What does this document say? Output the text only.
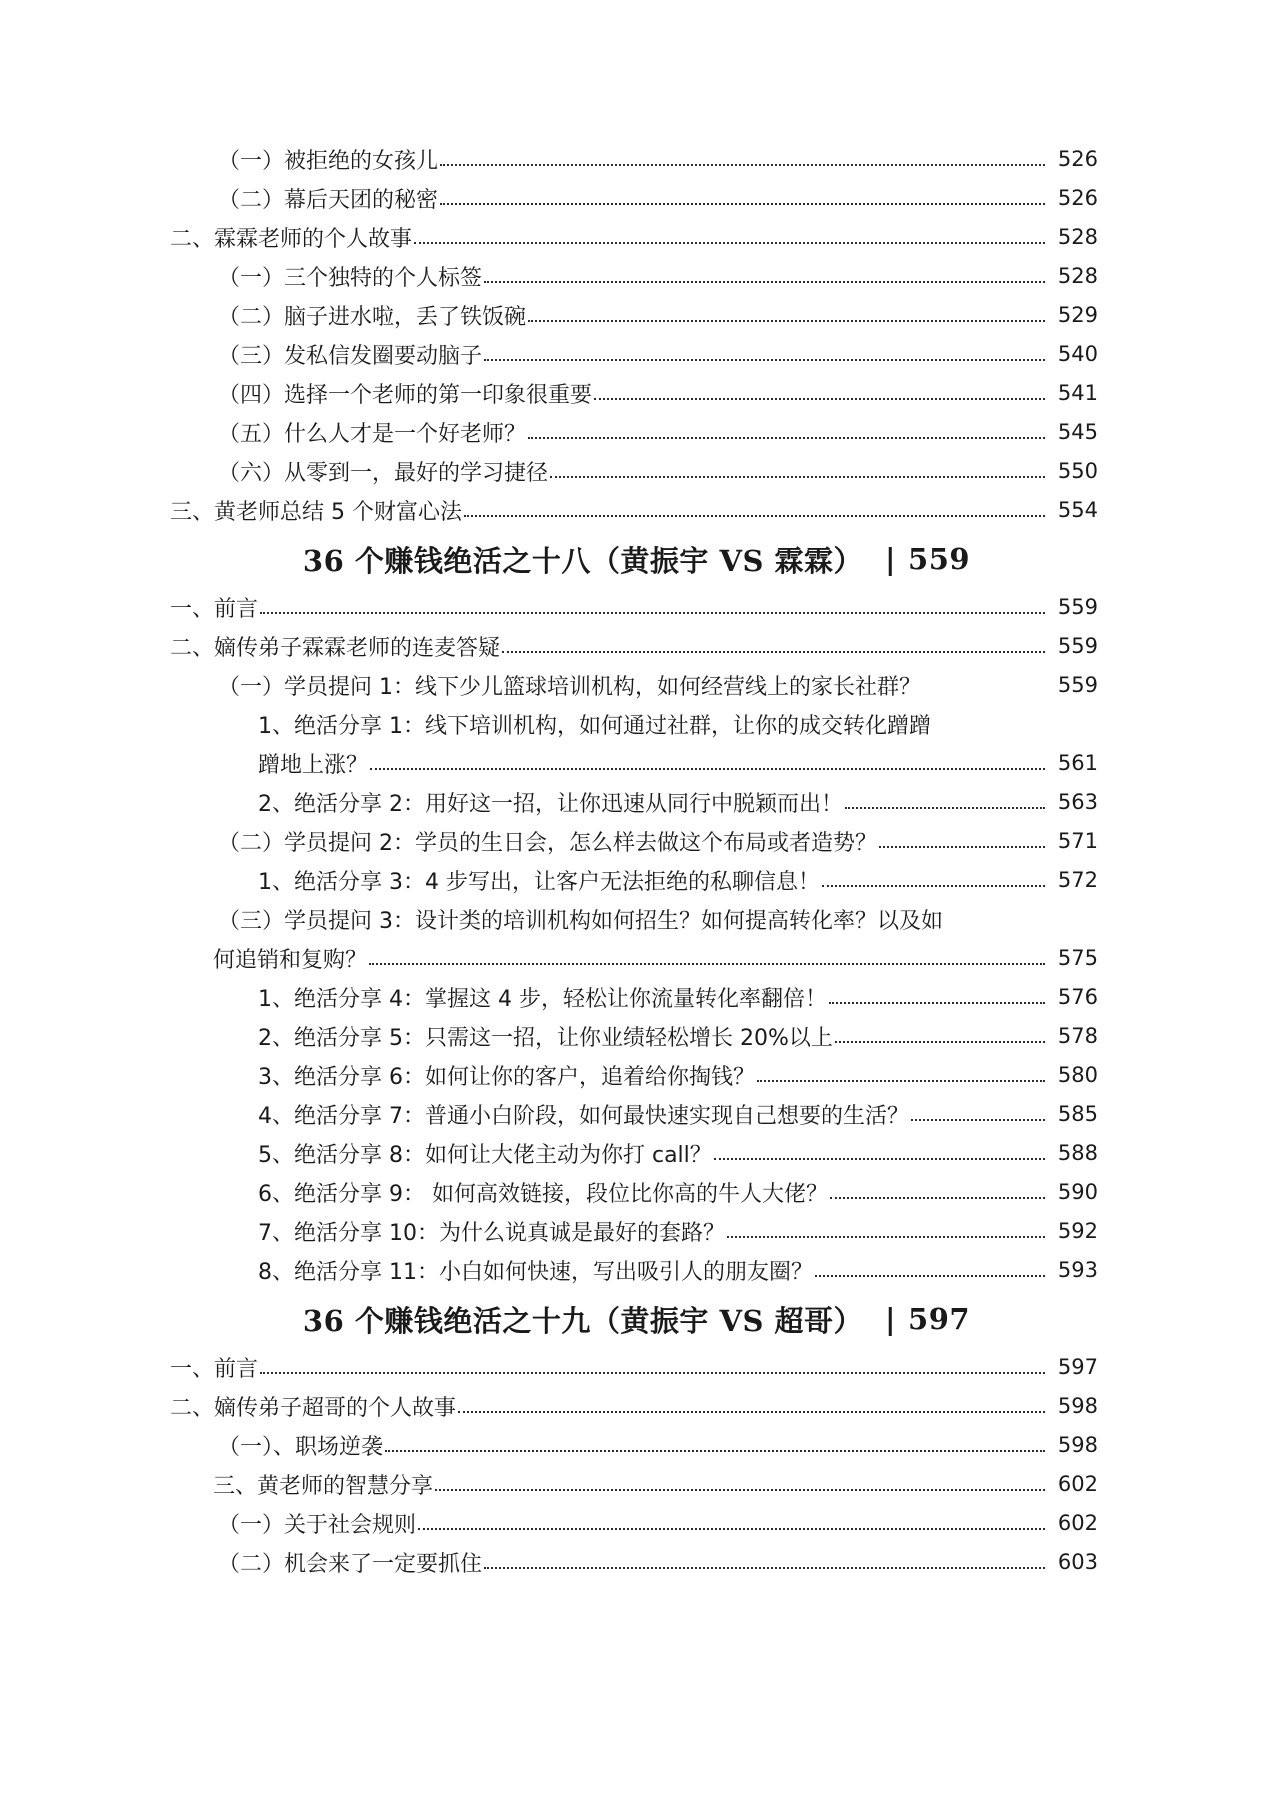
（一）被拒绝的女孩儿	526
（二）幕后天团的秘密	526
二、霖霖老师的个人故事	528
（一）三个独特的个人标签	528
（二）脑子进水啦，丢了铁饭碗	529
（三）发私信发圈要动脑子	540
（四）选择一个老师的第一印象很重要	541
（五）什么人才是一个好老师？	545
（六）从零到一，最好的学习捷径	550
三、黄老师总结 5 个财富心法	554
36 个赚钱绝活之十八（黄振宇 VS 霖霖） | 559
一、前言	559
二、嫡传弟子霖霖老师的连麦答疑	559
（一）学员提问 1：线下少儿篮球培训机构，如何经营线上的家长社群？	559
1、绝活分享 1：线下培训机构，如何通过社群，让你的成交转化蹭蹭
蹭地上涨？	561
2、绝活分享 2：用好这一招，让你迅速从同行中脱颖而出！	563
（二）学员提问 2：学员的生日会，怎么样去做这个布局或者造势？	571
1、绝活分享 3：4 步写出，让客户无法拒绝的私聊信息！	572
（三）学员提问 3：设计类的培训机构如何招生？如何提高转化率？以及如
何追销和复购？	575
1、绝活分享 4：掌握这 4 步，轻松让你流量转化率翻倍！	576
2、绝活分享 5：只需这一招，让你业绩轻松增长 20%以上	578
3、绝活分享 6：如何让你的客户，追着给你掏钱？	580
4、绝活分享 7：普通小白阶段，如何最快速实现自己想要的生活？	585
5、绝活分享 8：如何让大佬主动为你打 call？	588
6、绝活分享 9： 如何高效链接，段位比你高的牛人大佬？	590
7、绝活分享 10：为什么说真诚是最好的套路？	592
8、绝活分享 11：小白如何快速，写出吸引人的朋友圈？	593
36 个赚钱绝活之十九（黄振宇 VS 超哥） | 597
一、前言	597
二、嫡传弟子超哥的个人故事	598
（一）、职场逆袭	598
三、黄老师的智慧分享	602
（一）关于社会规则	602
（二）机会来了一定要抓住	603
